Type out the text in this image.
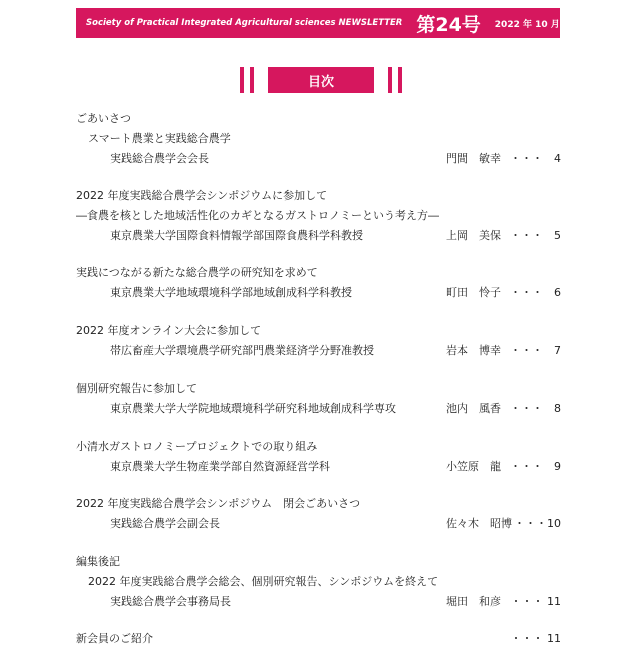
Society of Practical Integrated Agricultural sciences NEWSLETTER 第24号 2022 年 10 月 31 日発行
目次
ごあいさつ
スマート農業と実践総合農学
実践総合農学会会長	門間　敏幸 ・・・　4
2022 年度実践総合農学会シンポジウムに参加して
―食農を核とした地域活性化のカギとなるガストロノミーという考え方―
東京農業大学国際食料情報学部国際食農科学科教授	上岡　美保 ・・・　5
実践につながる新たな総合農学の研究知を求めて
東京農業大学地域環境科学部地域創成科学科教授	町田　怜子 ・・・　6
2022 年度オンライン大会に参加して
帯広畜産大学環境農学研究部門農業経済学分野准教授	岩本　博幸 ・・・　7
個別研究報告に参加して
東京農業大学大学院地域環境科学研究科地域創成科学専攻	池内　風香 ・・・　8
小清水ガストロノミープロジェクトでの取り組み
東京農業大学生物産業学部自然資源経営学科	小笠原　龍 ・・・　9
2022 年度実践総合農学会シンポジウム　閉会ごあいさつ
実践総合農学会副会長	佐々木　昭博 ・・・10
編集後記
2022 年度実践総合農学会総会、個別研究報告、シンポジウムを終えて
実践総合農学会事務局長	堀田　和彦 ・・・ 11
新会員のご紹介	・・・ 11
